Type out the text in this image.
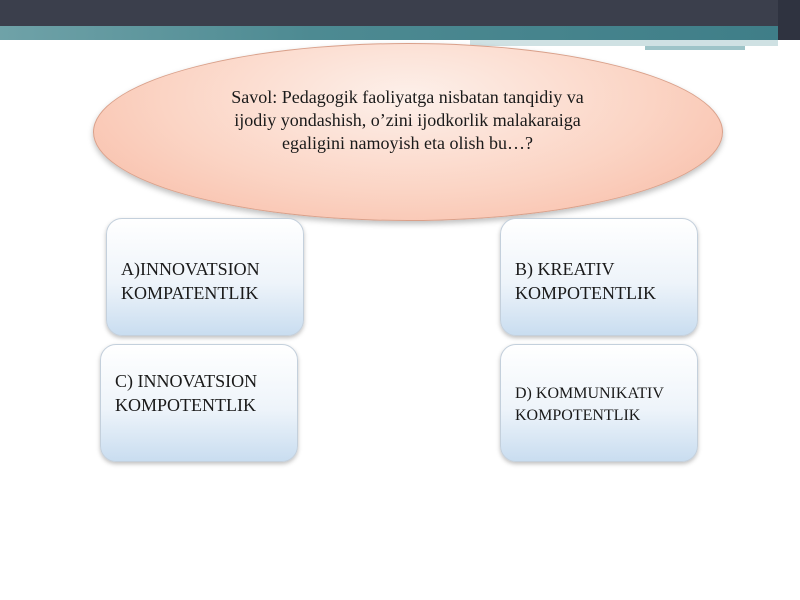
Savol: Pedagogik faoliyatga nisbatan tanqidiy va
ijodiy yondashish, o’zini ijodkorlik malakaraiga
egaligini namoyish eta olish bu…?
A)INNOVATSION
KOMPATENTLIK
B) KREATIV
KOMPOTENTLIK
C) INNOVATSION
KOMPOTENTLIK
D) KOMMUNIKATIV
KOMPOTENTLIK
